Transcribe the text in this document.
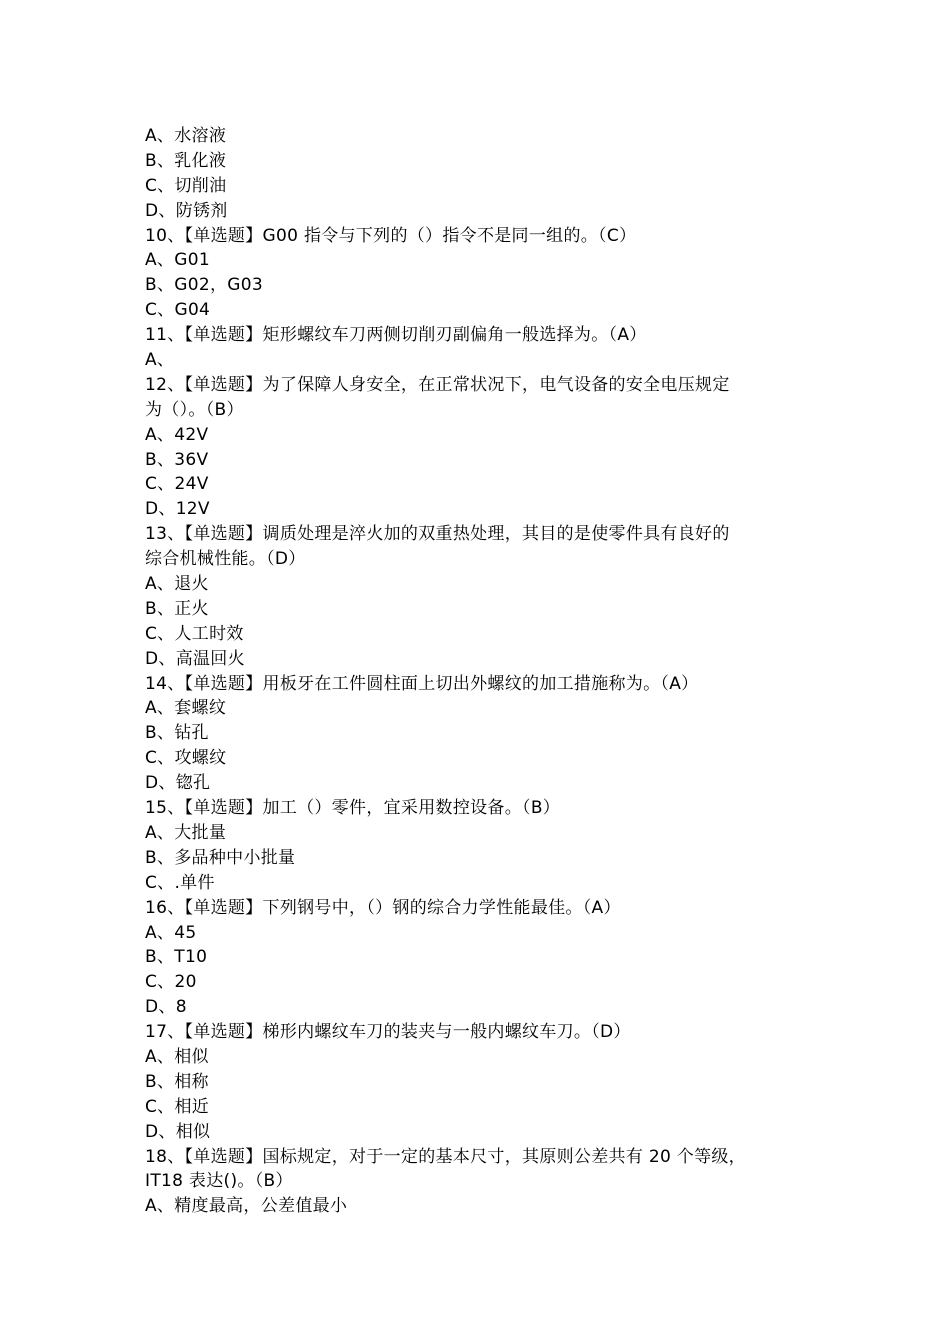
A、水溶液
B、乳化液
C、切削油
D、防锈剂
10、【单选题】G00 指令与下列的（）指令不是同一组的。（C）
A、G01
B、G02，G03
C、G04
11、【单选题】矩形螺纹车刀两侧切削刃副偏角一般选择为。（A）
A、
12、【单选题】为了保障人身安全，在正常状况下，电气设备的安全电压规定
为（）。（B）
A、42V
B、36V
C、24V
D、12V
13、【单选题】调质处理是淬火加的双重热处理，其目的是使零件具有良好的
综合机械性能。（D）
A、退火
B、正火
C、人工时效
D、高温回火
14、【单选题】用板牙在工件圆柱面上切出外螺纹的加工措施称为。（A）
A、套螺纹
B、钻孔
C、攻螺纹
D、锪孔
15、【单选题】加工（）零件，宜采用数控设备。（B）
A、大批量
B、多品种中小批量
C、.单件
16、【单选题】下列钢号中，（）钢的综合力学性能最佳。（A）
A、45
B、T10
C、20
D、8
17、【单选题】梯形内螺纹车刀的装夹与一般内螺纹车刀。（D）
A、相似
B、相称
C、相近
D、相似
18、【单选题】国标规定，对于一定的基本尺寸，其原则公差共有 20 个等级，
IT18 表达()。（B）
A、精度最高，公差值最小
